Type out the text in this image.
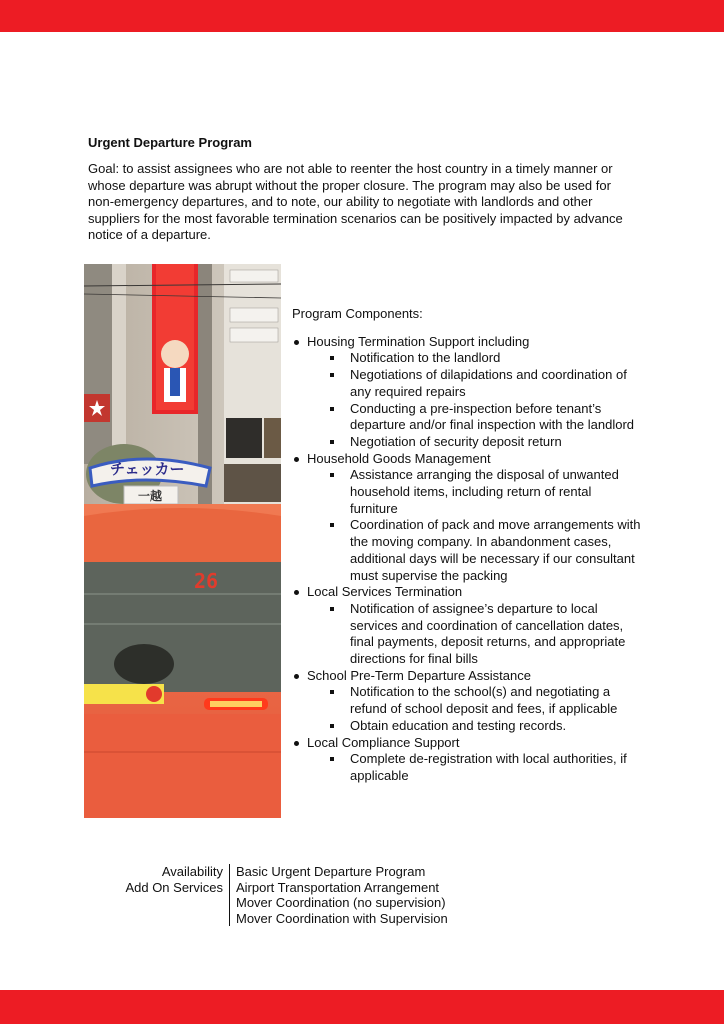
Urgent Departure Program
Goal: to assist assignees who are not able to reenter the host country in a timely manner or whose departure was abrupt without the proper closure. The program may also be used for non-emergency departures, and to note, our ability to negotiate with landlords and other suppliers for the most favorable termination scenarios can be positively impacted by advance notice of a departure.
チェッカー
一越
26
Program Components:
Housing Termination Support including
Notification to the landlord
Negotiations of dilapidations and coordination of any required repairs
Conducting a pre-inspection before tenant’s departure and/or final inspection with the landlord
Negotiation of security deposit return
Household Goods Management
Assistance arranging the disposal of unwanted household items, including return of rental furniture
Coordination of pack and move arrangements with the moving company. In abandonment cases, additional days will be necessary if our consultant must supervise the packing
Local Services Termination
Notification of assignee’s departure to local services and coordination of cancellation dates, final payments, deposit returns, and appropriate directions for final bills
School Pre-Term Departure Assistance
Notification to the school(s) and negotiating a refund of school deposit and fees, if applicable
Obtain education and testing records.
Local Compliance Support
Complete de-registration with local authorities, if applicable
Availability
Add On Services
Basic Urgent Departure Program
Airport Transportation Arrangement
Mover Coordination (no supervision)
Mover Coordination with Supervision
